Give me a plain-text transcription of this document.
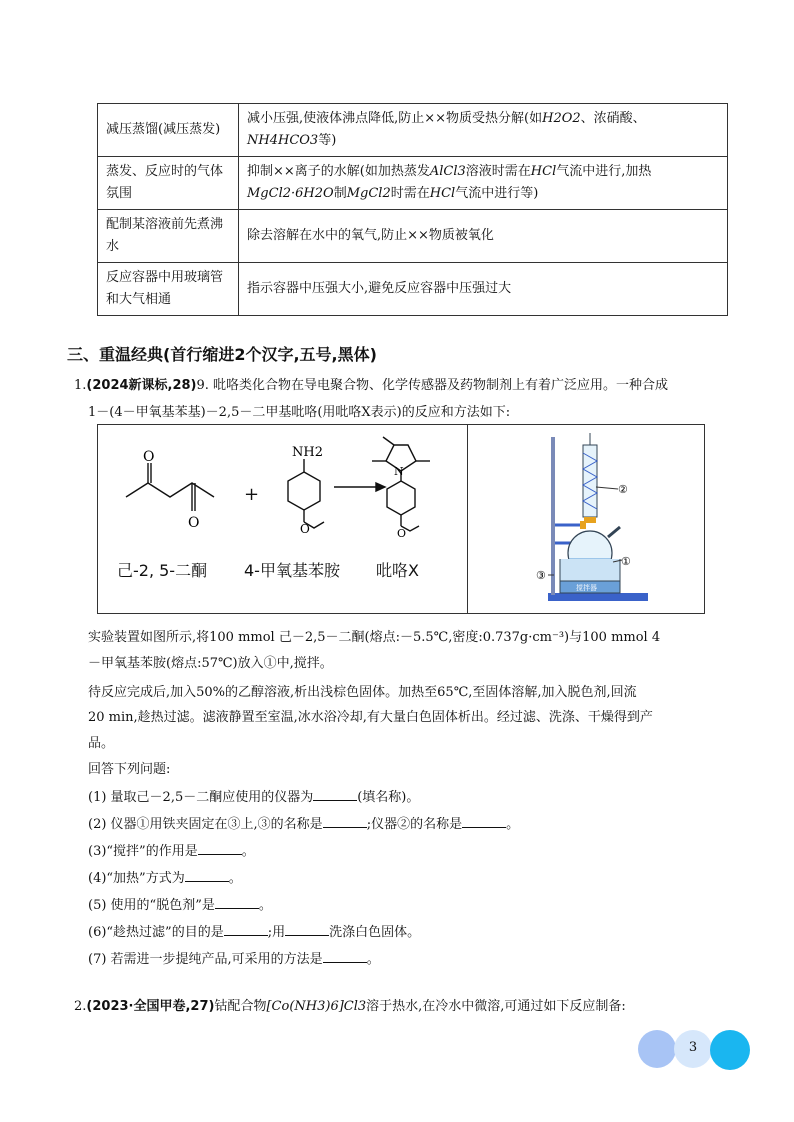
减压蒸馏(减压蒸发)	减小压强,使液体沸点降低,防止××物质受热分解(如H2O2、浓硝酸、
NH4HCO3等)
蒸发、反应时的气体氛围	抑制××离子的水解(如加热蒸发AlCl3溶液时需在HCl气流中进行,加热
MgCl2·6H2O制MgCl2时需在HCl气流中进行等)
配制某溶液前先煮沸水	除去溶解在水中的氧气,防止××物质被氧化
反应容器中用玻璃管和大气相通	指示容器中压强大小,避免反应容器中压强过大
三、重温经典(首行缩进2个汉字,五号,黑体)
1.(2024新课标,28)9. 吡咯类化合物在导电聚合物、化学传感器及药物制剂上有着广泛应用。一种合成
1－(4－甲氧基苯基)－2,5－二甲基吡咯(用吡咯X表示)的反应和方法如下:
O
O
NH2
O
N
O
+
己-2, 5-二酮 4-甲氧基苯胺 吡咯X
搅拌器
②
①
③
实验装置如图所示,将100 mmol 己－2,5－二酮(熔点:－5.5℃,密度:0.737g·cm⁻³)与100 mmol 4
－甲氧基苯胺(熔点:57℃)放入①中,搅拌。
待反应完成后,加入50%的乙醇溶液,析出浅棕色固体。加热至65℃,至固体溶解,加入脱色剂,回流
20 min,趁热过滤。滤液静置至室温,冰水浴冷却,有大量白色固体析出。经过滤、洗涤、干燥得到产
品。
回答下列问题:
(1) 量取己－2,5－二酮应使用的仪器为	(填名称)。
(2) 仪器①用铁夹固定在③上,③的名称是	;仪器②的名称是	。
(3)“搅拌”的作用是	。
(4)“加热”方式为	。
(5) 使用的“脱色剂”是	。
(6)“趁热过滤”的目的是	;用	洗涤白色固体。
(7) 若需进一步提纯产品,可采用的方法是	。
2.(2023·全国甲卷,27)钴配合物[Co(NH3)6]Cl3溶于热水,在冷水中微溶,可通过如下反应制备:
3
